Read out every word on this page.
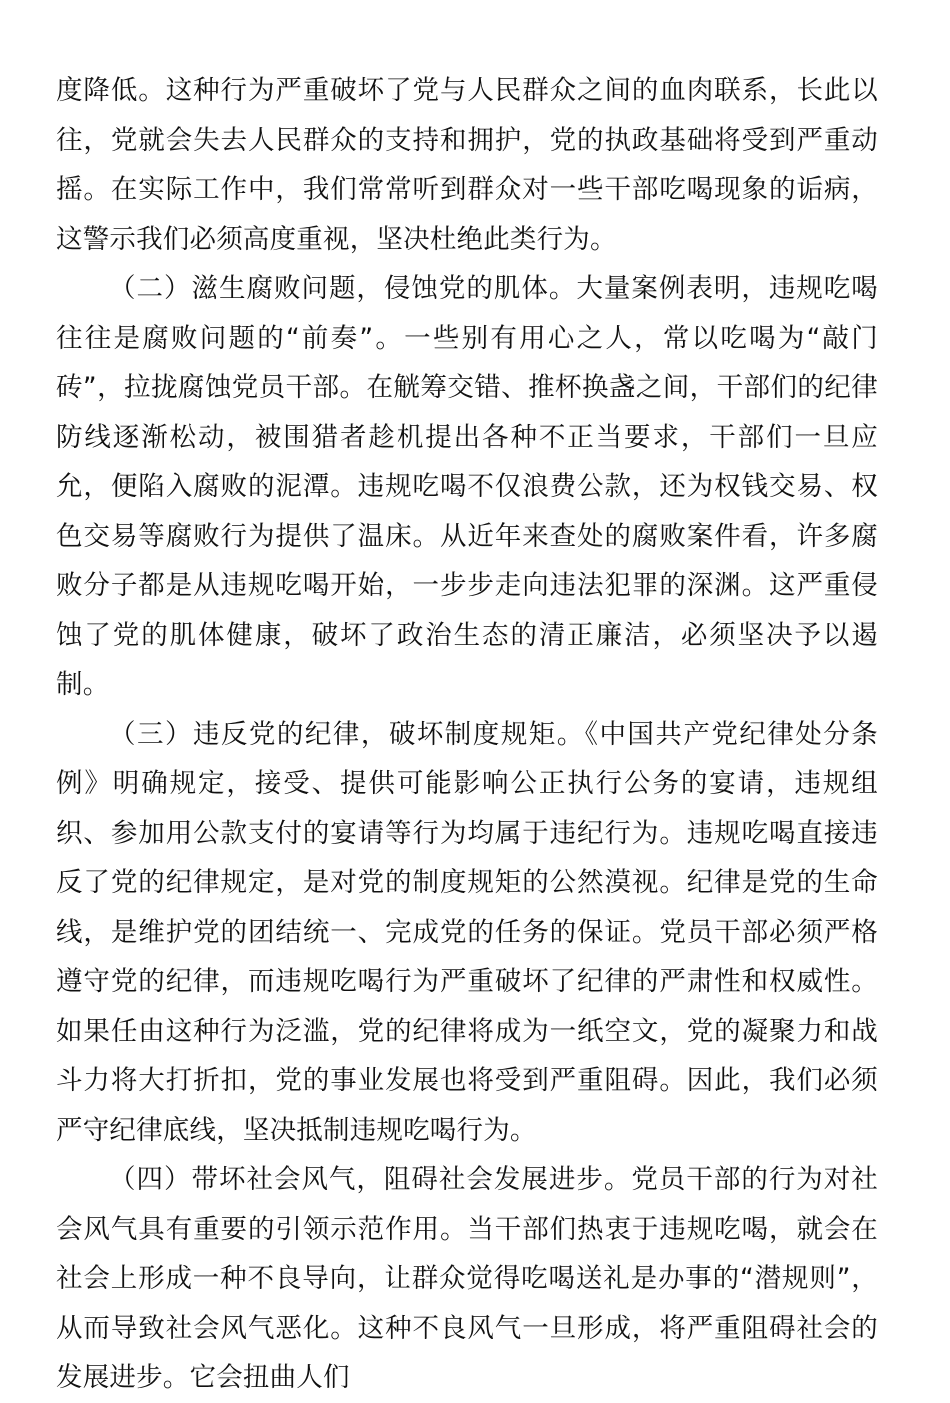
度降低。这种行为严重破坏了党与人民群众之间的血肉联系，长此以往，党就会失去人民群众的支持和拥护，党的执政基础将受到严重动摇。在实际工作中，我们常常听到群众对一些干部吃喝现象的诟病，这警示我们必须高度重视，坚决杜绝此类行为。

（二）滋生腐败问题，侵蚀党的肌体。大量案例表明，违规吃喝往往是腐败问题的“前奏”。一些别有用心之人，常以吃喝为“敲门砖”，拉拢腐蚀党员干部。在觥筹交错、推杯换盏之间，干部们的纪律防线逐渐松动，被围猎者趁机提出各种不正当要求，干部们一旦应允，便陷入腐败的泥潭。违规吃喝不仅浪费公款，还为权钱交易、权色交易等腐败行为提供了温床。从近年来查处的腐败案件看，许多腐败分子都是从违规吃喝开始，一步步走向违法犯罪的深渊。这严重侵蚀了党的肌体健康，破坏了政治生态的清正廉洁，必须坚决予以遏制。

（三）违反党的纪律，破坏制度规矩。《中国共产党纪律处分条例》明确规定，接受、提供可能影响公正执行公务的宴请，违规组织、参加用公款支付的宴请等行为均属于违纪行为。违规吃喝直接违反了党的纪律规定，是对党的制度规矩的公然漠视。纪律是党的生命线，是维护党的团结统一、完成党的任务的保证。党员干部必须严格遵守党的纪律，而违规吃喝行为严重破坏了纪律的严肃性和权威性。如果任由这种行为泛滥，党的纪律将成为一纸空文，党的凝聚力和战斗力将大打折扣，党的事业发展也将受到严重阻碍。因此，我们必须严守纪律底线，坚决抵制违规吃喝行为。

（四）带坏社会风气，阻碍社会发展进步。党员干部的行为对社会风气具有重要的引领示范作用。当干部们热衷于违规吃喝，就会在社会上形成一种不良导向，让群众觉得吃喝送礼是办事的“潜规则”，从而导致社会风气恶化。这种不良风气一旦形成，将严重阻碍社会的发展进步。它会扭曲人们
